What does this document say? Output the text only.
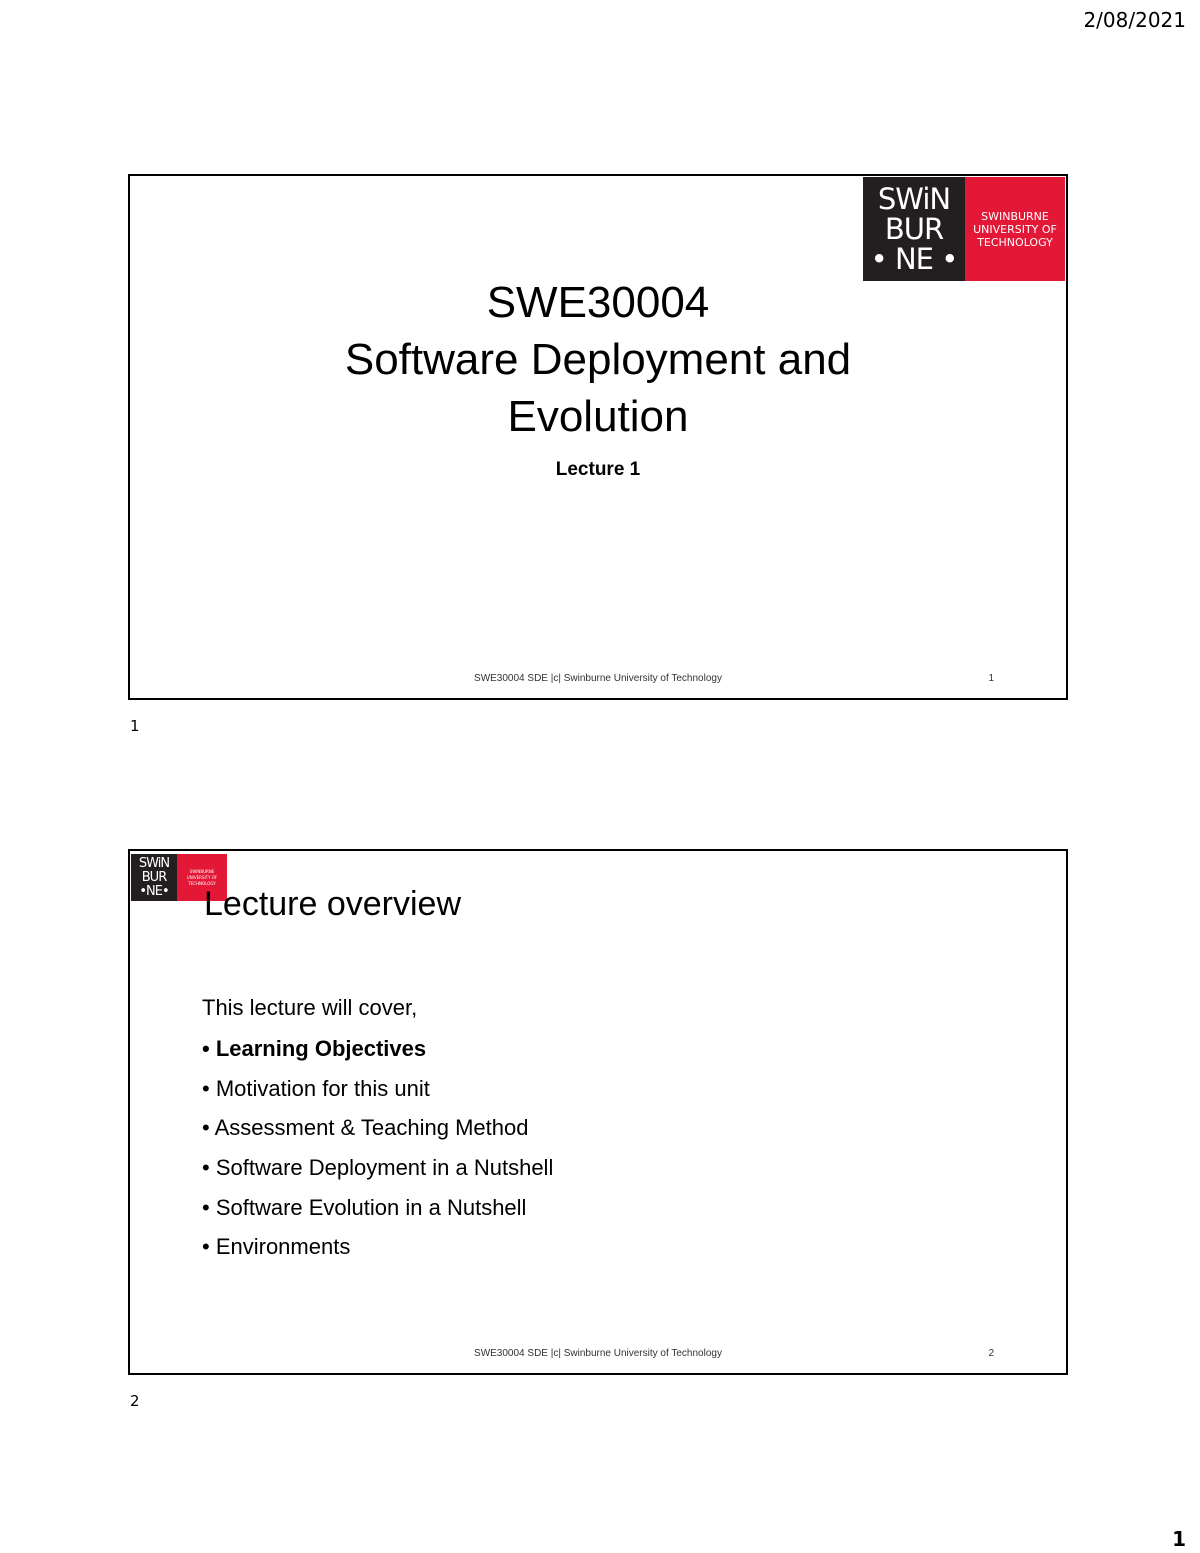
2/08/2021
SWiN
BUR
• NE •
SWINBURNE
UNIVERSITY OF
TECHNOLOGY
SWE30004
Software Deployment and
Evolution
Lecture 1
SWE30004 SDE |c| Swinburne University of Technology	1
1
SWiN
BUR
•NE•
SWINBURNE
UNIVERSITY OF
TECHNOLOGY
Lecture overview
This lecture will cover,
• Learning Objectives
• Motivation for this unit
• Assessment & Teaching Method
• Software Deployment in a Nutshell
• Software Evolution in a Nutshell
• Environments
SWE30004 SDE |c| Swinburne University of Technology	2
2
1
